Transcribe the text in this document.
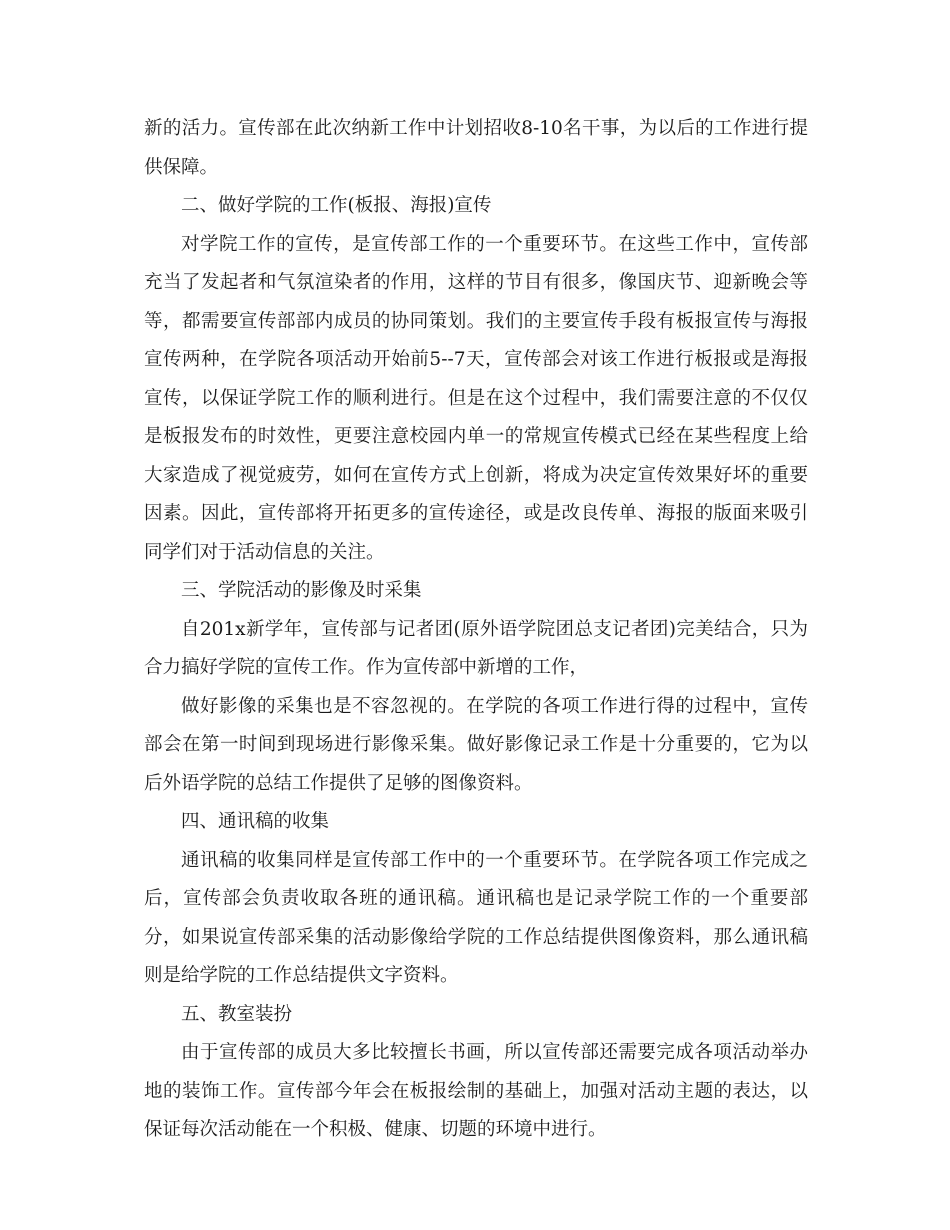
新的活力。宣传部在此次纳新工作中计划招收8-10名干事，为以后的工作进行提供保障。

二、做好学院的工作(板报、海报)宣传

对学院工作的宣传，是宣传部工作的一个重要环节。在这些工作中，宣传部充当了发起者和气氛渲染者的作用，这样的节目有很多，像国庆节、迎新晚会等等，都需要宣传部部内成员的协同策划。我们的主要宣传手段有板报宣传与海报宣传两种，在学院各项活动开始前5--7天，宣传部会对该工作进行板报或是海报宣传，以保证学院工作的顺利进行。但是在这个过程中，我们需要注意的不仅仅是板报发布的时效性，更要注意校园内单一的常规宣传模式已经在某些程度上给大家造成了视觉疲劳，如何在宣传方式上创新，将成为决定宣传效果好坏的重要因素。因此，宣传部将开拓更多的宣传途径，或是改良传单、海报的版面来吸引同学们对于活动信息的关注。

三、学院活动的影像及时采集

自201x新学年，宣传部与记者团(原外语学院团总支记者团)完美结合，只为合力搞好学院的宣传工作。作为宣传部中新增的工作，

做好影像的采集也是不容忽视的。在学院的各项工作进行得的过程中，宣传部会在第一时间到现场进行影像采集。做好影像记录工作是十分重要的，它为以后外语学院的总结工作提供了足够的图像资料。

四、通讯稿的收集

通讯稿的收集同样是宣传部工作中的一个重要环节。在学院各项工作完成之后，宣传部会负责收取各班的通讯稿。通讯稿也是记录学院工作的一个重要部分，如果说宣传部采集的活动影像给学院的工作总结提供图像资料，那么通讯稿则是给学院的工作总结提供文字资料。

五、教室装扮

由于宣传部的成员大多比较擅长书画，所以宣传部还需要完成各项活动举办地的装饰工作。宣传部今年会在板报绘制的基础上，加强对活动主题的表达，以保证每次活动能在一个积极、健康、切题的环境中进行。
